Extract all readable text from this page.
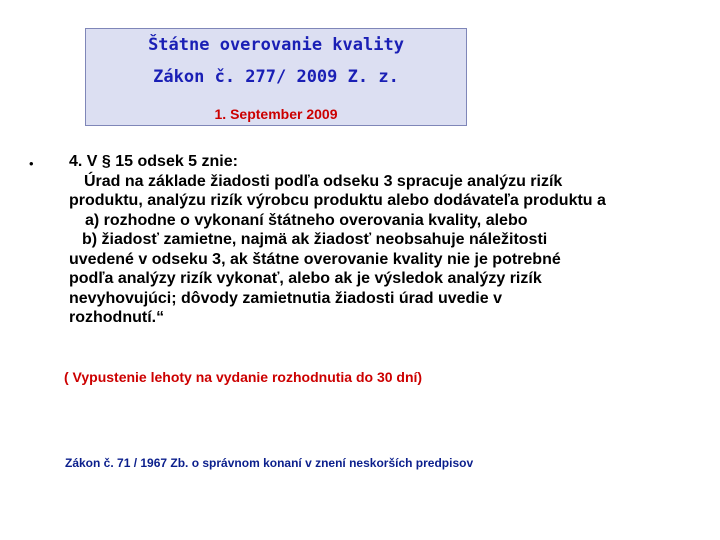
Štátne overovanie kvality
Zákon č. 277/ 2009 Z. z.
1. September 2009
• 4. V § 15 odsek 5 znie:

Úrad na základe žiadosti podľa odseku 3 spracuje analýzu rizík

produktu, analýzu rizík výrobcu produktu alebo dodávateľa produktu a

a) rozhodne o vykonaní štátneho overovania kvality, alebo

b) žiadosť zamietne, najmä ak žiadosť neobsahuje náležitosti

uvedené v odseku 3, ak štátne overovanie kvality nie je potrebné

podľa analýzy rizík vykonať, alebo ak je výsledok analýzy rizík

nevyhovujúci; dôvody zamietnutia žiadosti úrad uvedie v

rozhodnutí.“

( Vypustenie lehoty na vydanie rozhodnutia do 30 dní)
Zákon č. 71 / 1967 Zb. o správnom konaní v znení neskorších predpisov
